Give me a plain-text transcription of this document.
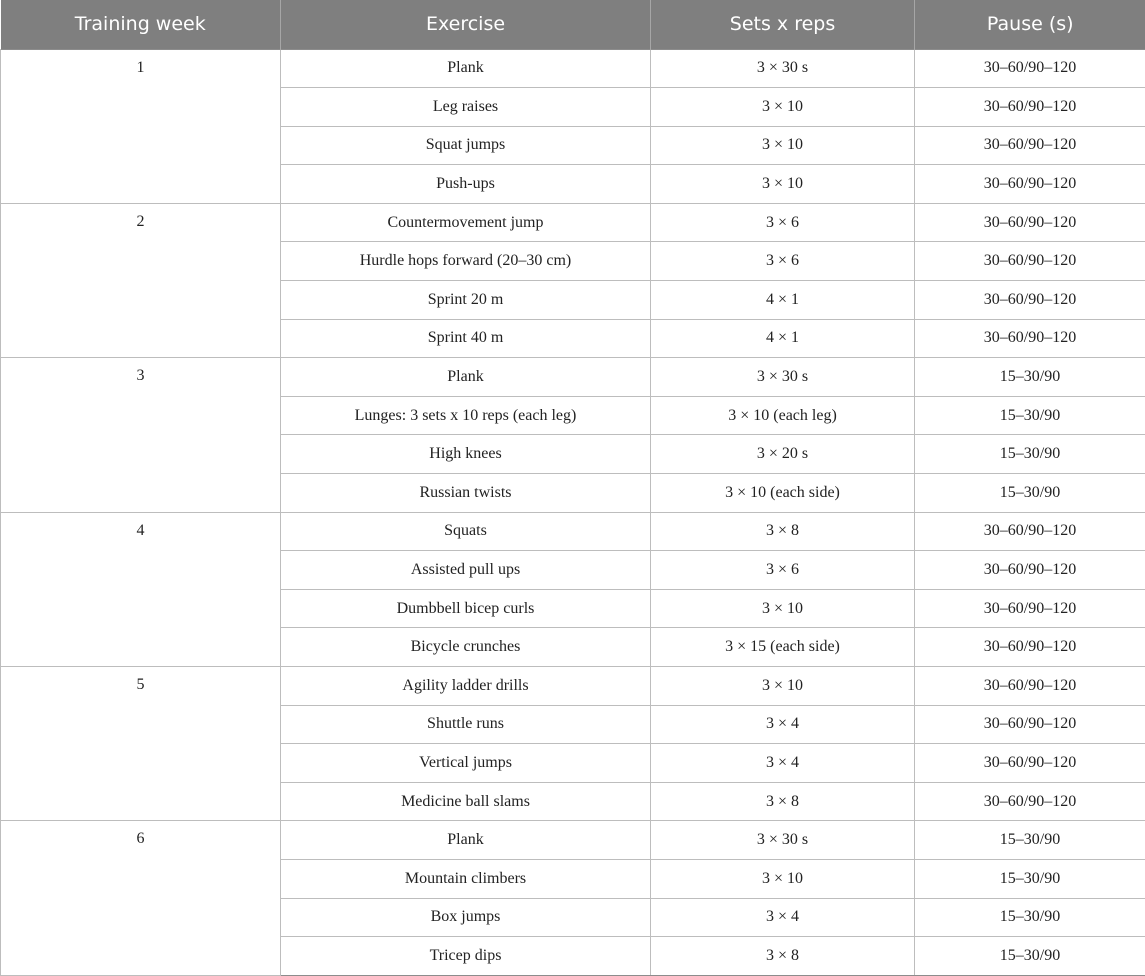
Training week	Exercise	Sets x reps	Pause (s)
1	Plank	3 × 30 s	30–60/90–120
	Leg raises	3 × 10	30–60/90–120
	Squat jumps	3 × 10	30–60/90–120
	Push-ups	3 × 10	30–60/90–120
2	Countermovement jump	3 × 6	30–60/90–120
	Hurdle hops forward (20–30 cm)	3 × 6	30–60/90–120
	Sprint 20 m	4 × 1	30–60/90–120
	Sprint 40 m	4 × 1	30–60/90–120
3	Plank	3 × 30 s	15–30/90
	Lunges: 3 sets x 10 reps (each leg)	3 × 10 (each leg)	15–30/90
	High knees	3 × 20 s	15–30/90
	Russian twists	3 × 10 (each side)	15–30/90
4	Squats	3 × 8	30–60/90–120
	Assisted pull ups	3 × 6	30–60/90–120
	Dumbbell bicep curls	3 × 10	30–60/90–120
	Bicycle crunches	3 × 15 (each side)	30–60/90–120
5	Agility ladder drills	3 × 10	30–60/90–120
	Shuttle runs	3 × 4	30–60/90–120
	Vertical jumps	3 × 4	30–60/90–120
	Medicine ball slams	3 × 8	30–60/90–120
6	Plank	3 × 30 s	15–30/90
	Mountain climbers	3 × 10	15–30/90
	Box jumps	3 × 4	15–30/90
	Tricep dips	3 × 8	15–30/90
